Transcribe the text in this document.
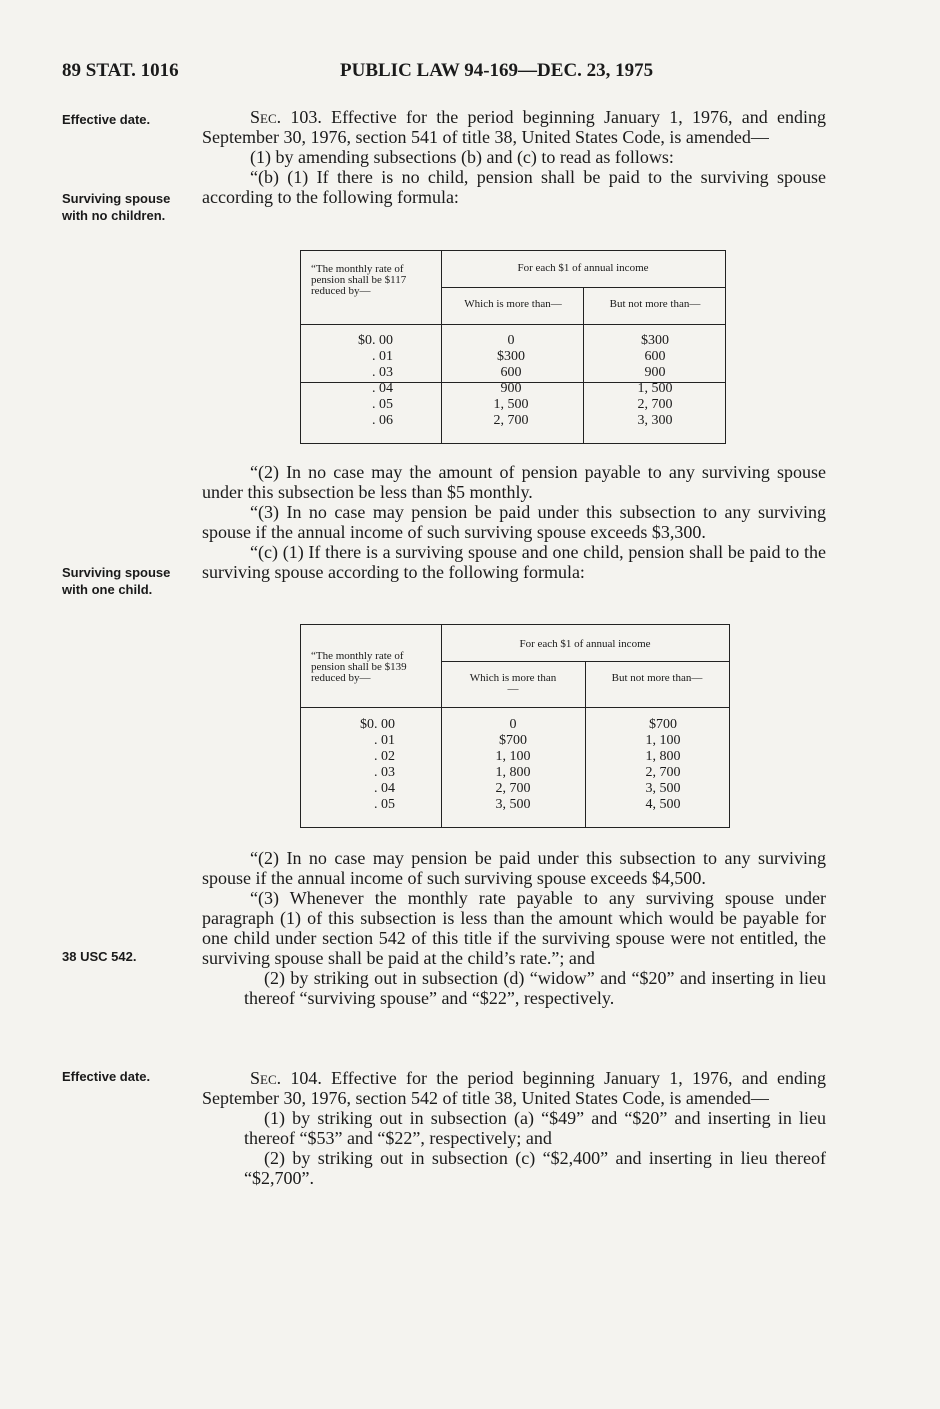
89 STAT. 1016	PUBLIC LAW 94-169—DEC. 23, 1975
Effective date.
Surviving spouse with no children.
Surviving spouse with one child.
38 USC 542.
Effective date.

Sec. 103. Effective for the period beginning January 1, 1976, and ending September 30, 1976, section 541 of title 38, United States Code, is amended—

(1) by amending subsections (b) and (c) to read as follows:

“(b) (1) If there is no child, pension shall be paid to the surviving spouse according to the following formula:

“The monthly rate of pension shall be $117 reduced by—
For each $1 of annual income
Which is more than—	But not more than—
$0. 00
. 01
. 03
. 04
. 05
. 06
0
$300
600
900
1, 500
2, 700
$300
600
900
1, 500
2, 700
3, 300

“(2) In no case may the amount of pension payable to any surviving spouse under this subsection be less than $5 monthly.

“(3) In no case may pension be paid under this subsection to any surviving spouse if the annual income of such surviving spouse exceeds $3,300.

“(c) (1) If there is a surviving spouse and one child, pension shall be paid to the surviving spouse according to the following formula:

“The monthly rate of pension shall be $139 reduced by—
For each $1 of annual income
Which is more than—
But not more than—
$0. 00
. 01
. 02
. 03
. 04
. 05
0
$700
1, 100
1, 800
2, 700
3, 500
$700
1, 100
1, 800
2, 700
3, 500
4, 500

“(2) In no case may pension be paid under this subsection to any surviving spouse if the annual income of such surviving spouse exceeds $4,500.

“(3) Whenever the monthly rate payable to any surviving spouse under paragraph (1) of this subsection is less than the amount which would be payable for one child under section 542 of this title if the surviving spouse were not entitled, the surviving spouse shall be paid at the child’s rate.”; and

(2) by striking out in subsection (d) “widow” and “$20” and inserting in lieu thereof “surviving spouse” and “$22”, respectively.

Sec. 104. Effective for the period beginning January 1, 1976, and ending September 30, 1976, section 542 of title 38, United States Code, is amended—

(1) by striking out in subsection (a) “$49” and “$20” and inserting in lieu thereof “$53” and “$22”, respectively; and

(2) by striking out in subsection (c) “$2,400” and inserting in lieu thereof “$2,700”.
